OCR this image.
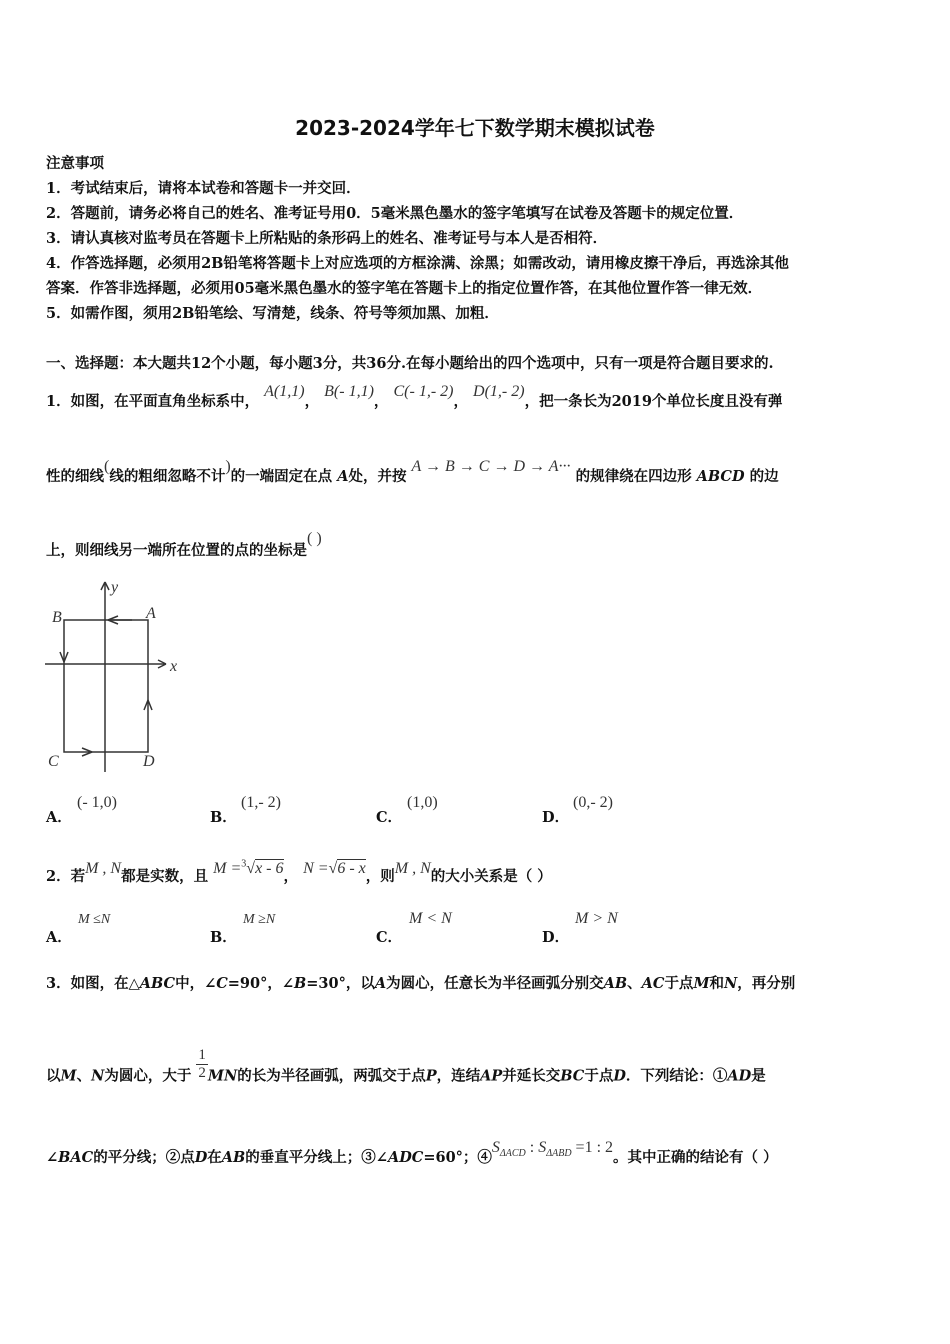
2023-2024学年七下数学期末模拟试卷
注意事项
1．考试结束后，请将本试卷和答题卡一并交回．
2．答题前，请务必将自己的姓名、准考证号用0．5毫米黑色墨水的签字笔填写在试卷及答题卡的规定位置．
3．请认真核对监考员在答题卡上所粘贴的条形码上的姓名、准考证号与本人是否相符．
4．作答选择题，必须用2B铅笔将答题卡上对应选项的方框涂满、涂黑；如需改动，请用橡皮擦干净后，再选涂其他
答案．作答非选择题，必须用05毫米黑色墨水的签字笔在答题卡上的指定位置作答，在其他位置作答一律无效．
5．如需作图，须用2B铅笔绘、写清楚，线条、符号等须加黑、加粗．
一、选择题：本大题共12个小题，每小题3分，共36分.在每小题给出的四个选项中，只有一项是符合题目要求的.
1．如图，在平面直角坐标系中， A(1,1)， B(- 1,1)， C(- 1,- 2)， D(1,- 2)，把一条长为2019个单位长度且没有弹
性的细线(线的粗细忽略不计)的一端固定在点 A处，并按 A → B → C → D → A··· 的规律绕在四边形 ABCD 的边
上，则细线另一端所在位置的点的坐标是( )
y
x
A
B
C	D
A．
(- 1,0)
B．
(1,- 2)
C．
(1,0)
D．
(0,- 2)
2．若M , N都是实数，且 M =$^3$√x - 6， N =√6 - x，则M , N的大小关系是（ ）
A．
M ≤N
B．
M ≥N
C．
M < N
D．
M > N
3．如图，在△ABC中，∠C=90°，∠B=30°，以A为圆心，任意长为半径画弧分别交AB、AC于点M和N，再分别
以M、N为圆心，大于 $\frac{1}{2}$ MN的长为半径画弧，两弧交于点P，连结AP并延长交BC于点D．下列结论：①AD是
∠BAC的平分线；②点D在AB的垂直平分线上；③∠ADC=60°；$④S_{\Delta ACD}$ : $S_{\Delta ABD} =1$ : 2。其中正确的结论有（ ）
